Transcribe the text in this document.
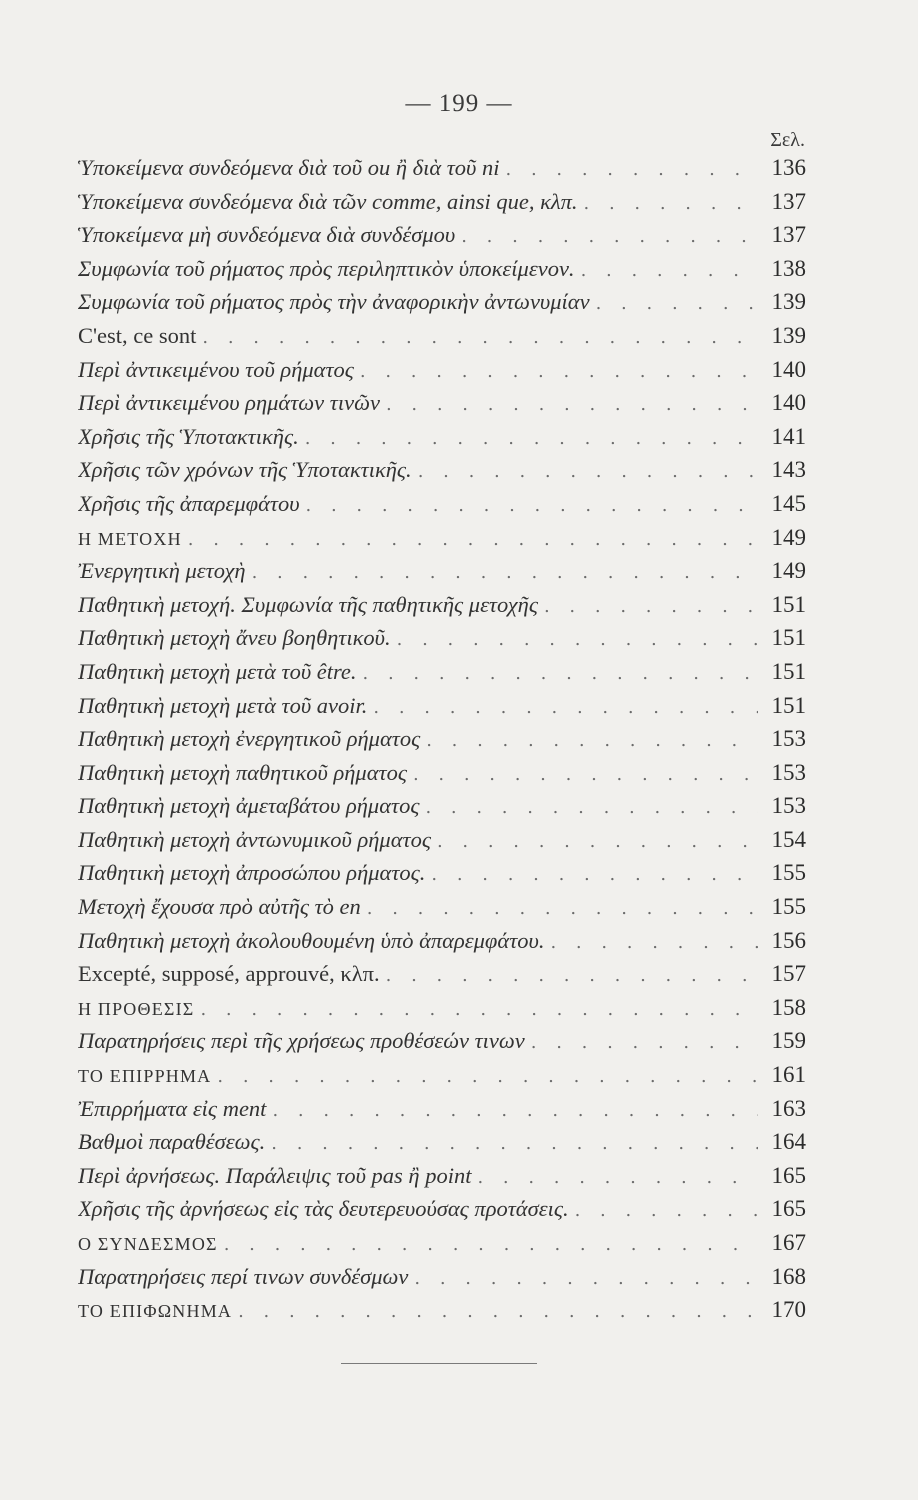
— 199 —
Σελ.
Ὑποκείμενα συνδεόμενα διὰ τοῦ ou ἢ διὰ τοῦ ni . . .	136
Ὑποκείμενα συνδεόμενα διὰ τῶν comme, ainsi que, κλπ. . . .	137
Ὑποκείμενα μὴ συνδεόμενα διὰ συνδέσμου . . .	137
Συμφωνία τοῦ ρήματος πρὸς περιληπτικὸν ὑποκείμενον. . . .	138
Συμφωνία τοῦ ρήματος πρὸς τὴν ἀναφορικὴν ἀντωνυμίαν . . .	139
C'est, ce sont . . .	139
Περὶ ἀντικειμένου τοῦ ρήματος . . .	140
Περὶ ἀντικειμένου ρημάτων τινῶν . . .	140
Χρῆσις τῆς Ὑποτακτικῆς. . . .	141
Χρῆσις τῶν χρόνων τῆς Ὑποτακτικῆς. . . .	143
Χρῆσις τῆς ἀπαρεμφάτου . . .	145
Η ΜΕΤΟΧΗ . . .	149
Ἐνεργητικὴ μετοχὴ . . .	149
Παθητικὴ μετοχή. Συμφωνία τῆς παθητικῆς μετοχῆς . . .	151
Παθητικὴ μετοχὴ ἄνευ βοηθητικοῦ. . . .	151
Παθητικὴ μετοχὴ μετὰ τοῦ être. . . .	151
Παθητικὴ μετοχὴ μετὰ τοῦ avoir. . . .	151
Παθητικὴ μετοχὴ ἐνεργητικοῦ ρήματος . . .	153
Παθητικὴ μετοχὴ παθητικοῦ ρήματος . . .	153
Παθητικὴ μετοχὴ ἀμεταβάτου ρήματος . . .	153
Παθητικὴ μετοχὴ ἀντωνυμικοῦ ρήματος . . .	154
Παθητικὴ μετοχὴ ἀπροσώπου ρήματος. . . .	155
Μετοχὴ ἔχουσα πρὸ αὐτῆς τὸ en . . .	155
Παθητικὴ μετοχὴ ἀκολουθουμένη ὑπὸ ἀπαρεμφάτου. . . .	156
Excepté, supposé, approuvé, κλπ. . . .	157
Η ΠΡΟΘΕΣΙΣ . . .	158
Παρατηρήσεις περὶ τῆς χρήσεως προθέσεών τινων . . .	159
ΤΟ ΕΠΙΡΡΗΜΑ . . .	161
Ἐπιρρήματα εἰς ment . . .	163
Βαθμοὶ παραθέσεως. . . .	164
Περὶ ἀρνήσεως. Παράλειψις τοῦ pas ἢ point . . .	165
Χρῆσις τῆς ἀρνήσεως εἰς τὰς δευτερευούσας προτάσεις. . . .	165
Ο ΣΥΝΔΕΣΜΟΣ . . .	167
Παρατηρήσεις περί τινων συνδέσμων . . .	168
ΤΟ ΕΠΙΦΩΝΗΜΑ . . .	170
